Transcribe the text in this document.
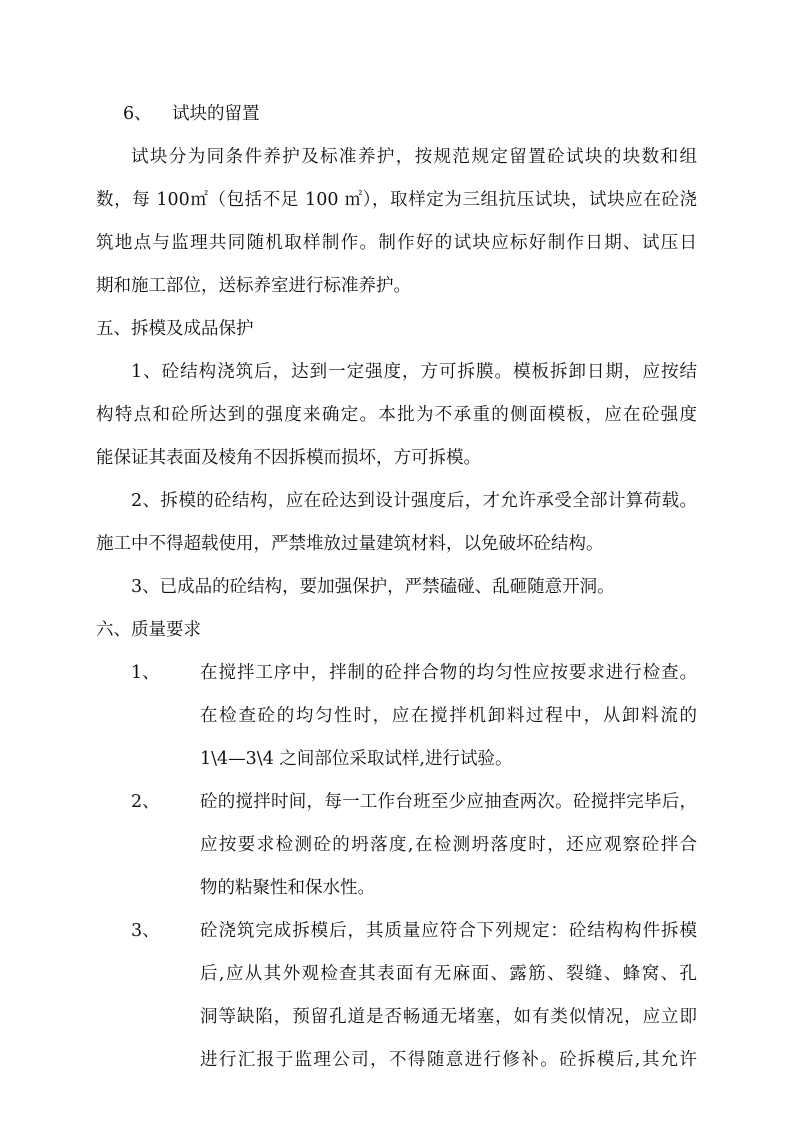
6、 试块的留置
试块分为同条件养护及标准养护，按规范规定留置砼试块的块数和组
数，每 100㎡（包括不足 100 ㎡），取样定为三组抗压试块，试块应在砼浇
筑地点与监理共同随机取样制作。制作好的试块应标好制作日期、试压日
期和施工部位，送标养室进行标准养护。
五、拆模及成品保护
1、砼结构浇筑后，达到一定强度，方可拆膜。模板拆卸日期，应按结
构特点和砼所达到的强度来确定。本批为不承重的侧面模板，应在砼强度
能保证其表面及棱角不因拆模而损坏，方可拆模。
2、拆模的砼结构，应在砼达到设计强度后，才允许承受全部计算荷载。
施工中不得超载使用，严禁堆放过量建筑材料，以免破坏砼结构。
3、已成品的砼结构，要加强保护，严禁磕碰、乱砸随意开洞。
六、质量要求
1、 在搅拌工序中，拌制的砼拌合物的均匀性应按要求进行检查。
在检查砼的均匀性时，应在搅拌机卸料过程中，从卸料流的
1\4—3\4 之间部位采取试样,进行试验。
2、 砼的搅拌时间，每一工作台班至少应抽查两次。砼搅拌完毕后，
应按要求检测砼的坍落度,在检测坍落度时，还应观察砼拌合
物的粘聚性和保水性。
3、 砼浇筑完成拆模后，其质量应符合下列规定：砼结构构件拆模
后,应从其外观检查其表面有无麻面、露筋、裂缝、蜂窝、孔
洞等缺陷，预留孔道是否畅通无堵塞，如有类似情况，应立即
进行汇报于监理公司，不得随意进行修补。砼拆模后,其允许
